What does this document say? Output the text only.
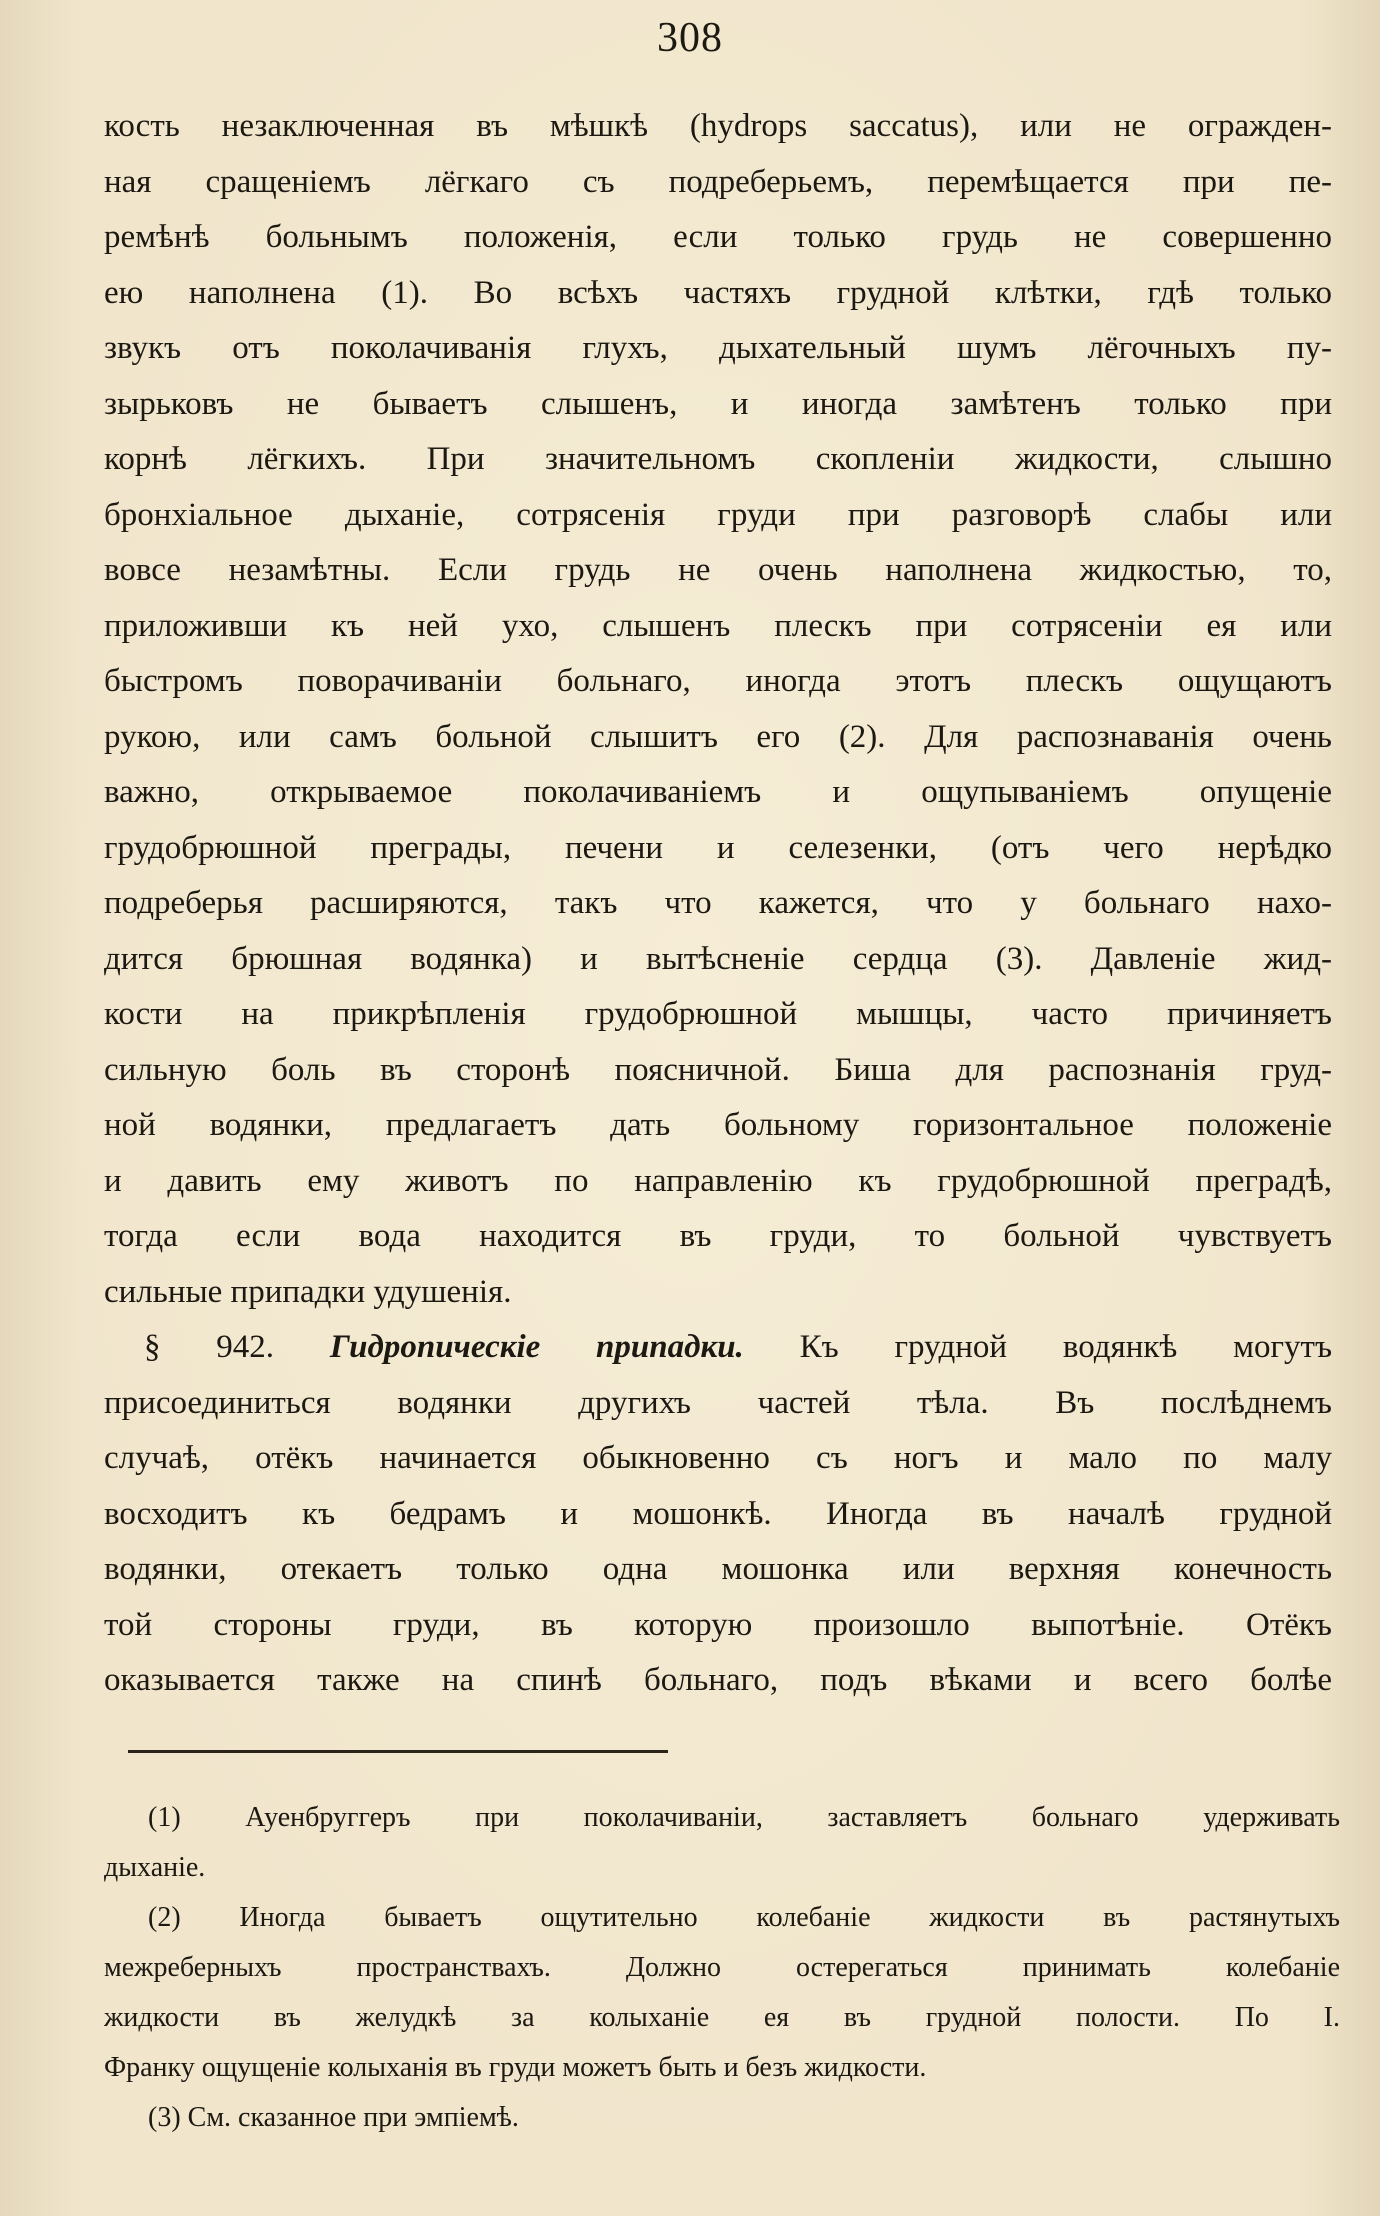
308
кость незаключенная въ мѣшкѣ (hydrops saccatus), или не огражден-
ная сращеніемъ лёгкаго съ подреберьемъ, перемѣщается при пе-
ремѣнѣ больнымъ положенія, если только грудь не совершенно
ею наполнена (1). Во всѣхъ частяхъ грудной клѣтки, гдѣ только
звукъ отъ поколачиванія глухъ, дыхательный шумъ лёгочныхъ пу-
зырьковъ не бываетъ слышенъ, и иногда замѣтенъ только при
корнѣ лёгкихъ. При значительномъ скопленіи жидкости, слышно
бронхіальное дыханіе, сотрясенія груди при разговорѣ слабы или
вовсе незамѣтны. Если грудь не очень наполнена жидкостью, то,
приложивши къ ней ухо, слышенъ плескъ при сотрясеніи ея или
быстромъ поворачиваніи больнаго, иногда этотъ плескъ ощущаютъ
рукою, или самъ больной слышитъ его (2). Для распознаванія очень
важно, открываемое поколачиваніемъ и ощупываніемъ опущеніе
грудобрюшной преграды, печени и селезенки, (отъ чего нерѣдко
подреберья расширяются, такъ что кажется, что у больнаго нахо-
дится брюшная водянка) и вытѣсненіе сердца (3). Давленіе жид-
кости на прикрѣпленія грудобрюшной мышцы, часто причиняетъ
сильную боль въ сторонѣ поясничной. Биша для распознанія груд-
ной водянки, предлагаетъ дать больному горизонтальное положеніе
и давить ему животъ по направленію къ грудобрюшной преградѣ,
тогда если вода находится въ груди, то больной чувствуетъ
сильные припадки удушенія.
§ 942. Гидропическіе припадки. Къ грудной водянкѣ могутъ
присоединиться водянки другихъ частей тѣла. Въ послѣднемъ
случаѣ, отёкъ начинается обыкновенно съ ногъ и мало по малу
восходитъ къ бедрамъ и мошонкѣ. Иногда въ началѣ грудной
водянки, отекаетъ только одна мошонка или верхняя конечность
той стороны груди, въ которую произошло выпотѣніе. Отёкъ
оказывается также на спинѣ больнаго, подъ вѣками и всего болѣе
(1) Ауенбруггеръ при поколачиваніи, заставляетъ больнаго удерживать
дыханіе.
(2) Иногда бываетъ ощутительно колебаніе жидкости въ растянутыхъ
межреберныхъ пространствахъ. Должно остерегаться принимать колебаніе
жидкости въ желудкѣ за колыханіе ея въ грудной полости. По І.
Франку ощущеніе колыханія въ груди можетъ быть и безъ жидкости.
(3) См. сказанное при эмпіемѣ.
